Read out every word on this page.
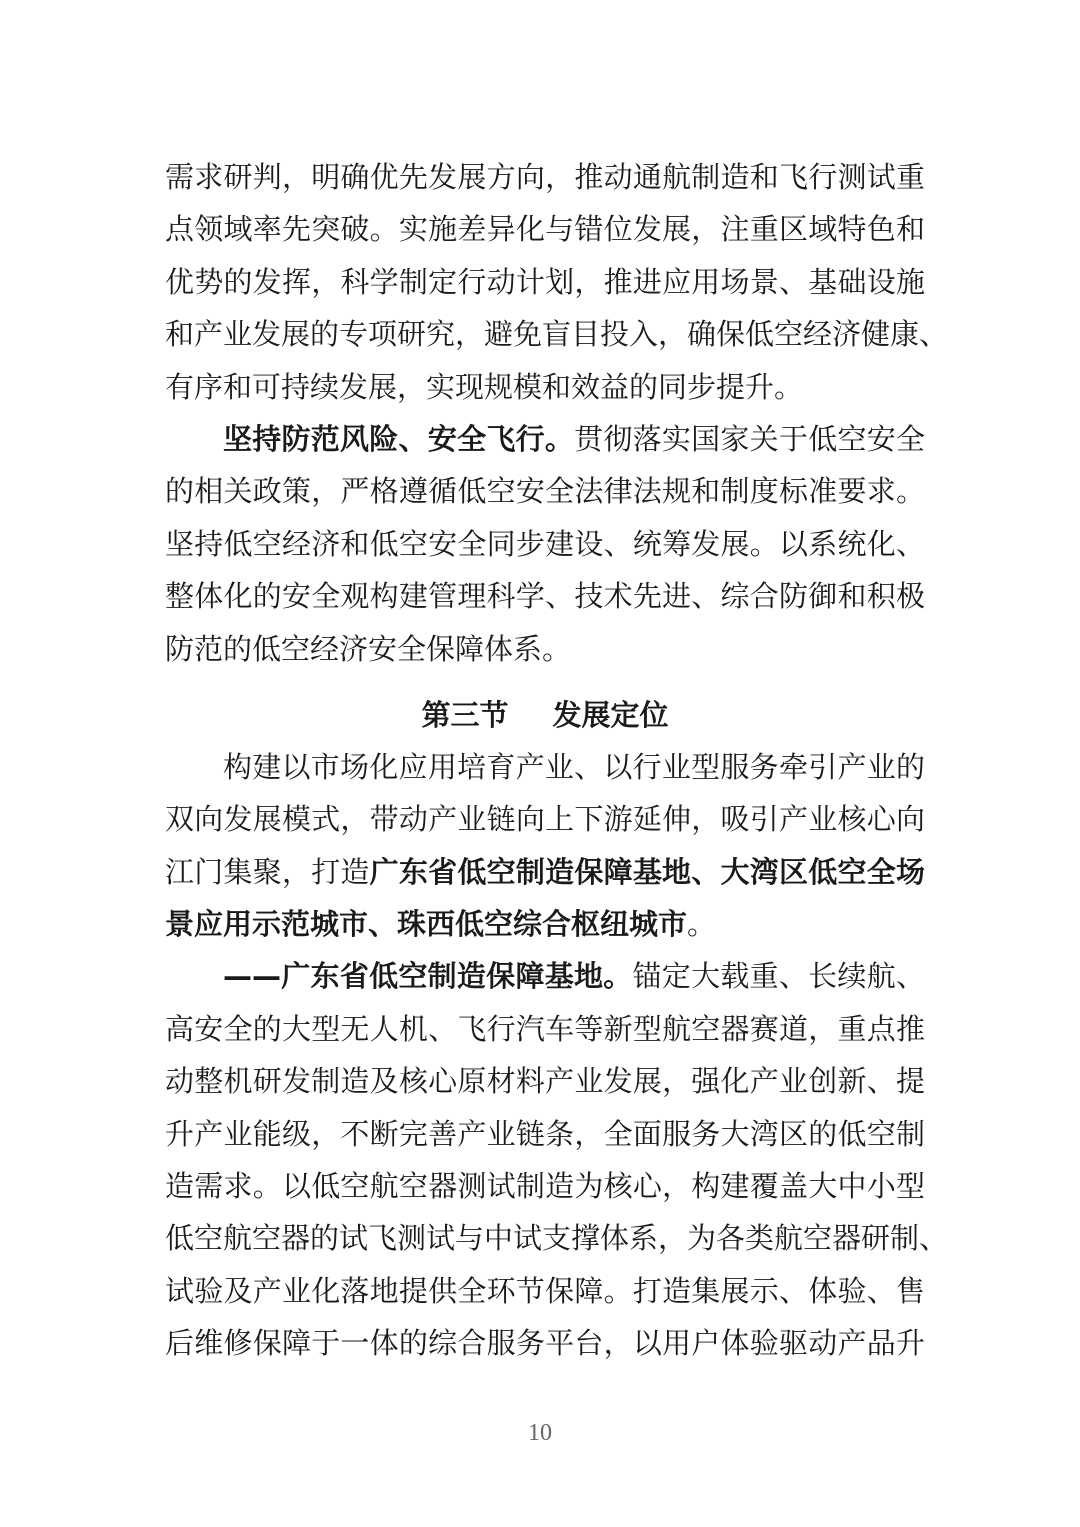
需求研判，明确优先发展方向，推动通航制造和飞行测试重
点领域率先突破。实施差异化与错位发展，注重区域特色和
优势的发挥，科学制定行动计划，推进应用场景、基础设施
和产业发展的专项研究，避免盲目投入，确保低空经济健康、
有序和可持续发展，实现规模和效益的同步提升。
坚持防范风险、安全飞行。贯彻落实国家关于低空安全
的相关政策，严格遵循低空安全法律法规和制度标准要求。
坚持低空经济和低空安全同步建设、统筹发展。以系统化、
整体化的安全观构建管理科学、技术先进、综合防御和积极
防范的低空经济安全保障体系。
第三节 发展定位
构建以市场化应用培育产业、以行业型服务牵引产业的
双向发展模式，带动产业链向上下游延伸，吸引产业核心向
江门集聚，打造广东省低空制造保障基地、大湾区低空全场
景应用示范城市、珠西低空综合枢纽城市。
——广东省低空制造保障基地。锚定大载重、长续航、
高安全的大型无人机、飞行汽车等新型航空器赛道，重点推
动整机研发制造及核心原材料产业发展，强化产业创新、提
升产业能级，不断完善产业链条，全面服务大湾区的低空制
造需求。以低空航空器测试制造为核心，构建覆盖大中小型
低空航空器的试飞测试与中试支撑体系，为各类航空器研制、
试验及产业化落地提供全环节保障。打造集展示、体验、售
后维修保障于一体的综合服务平台，以用户体验驱动产品升
10
